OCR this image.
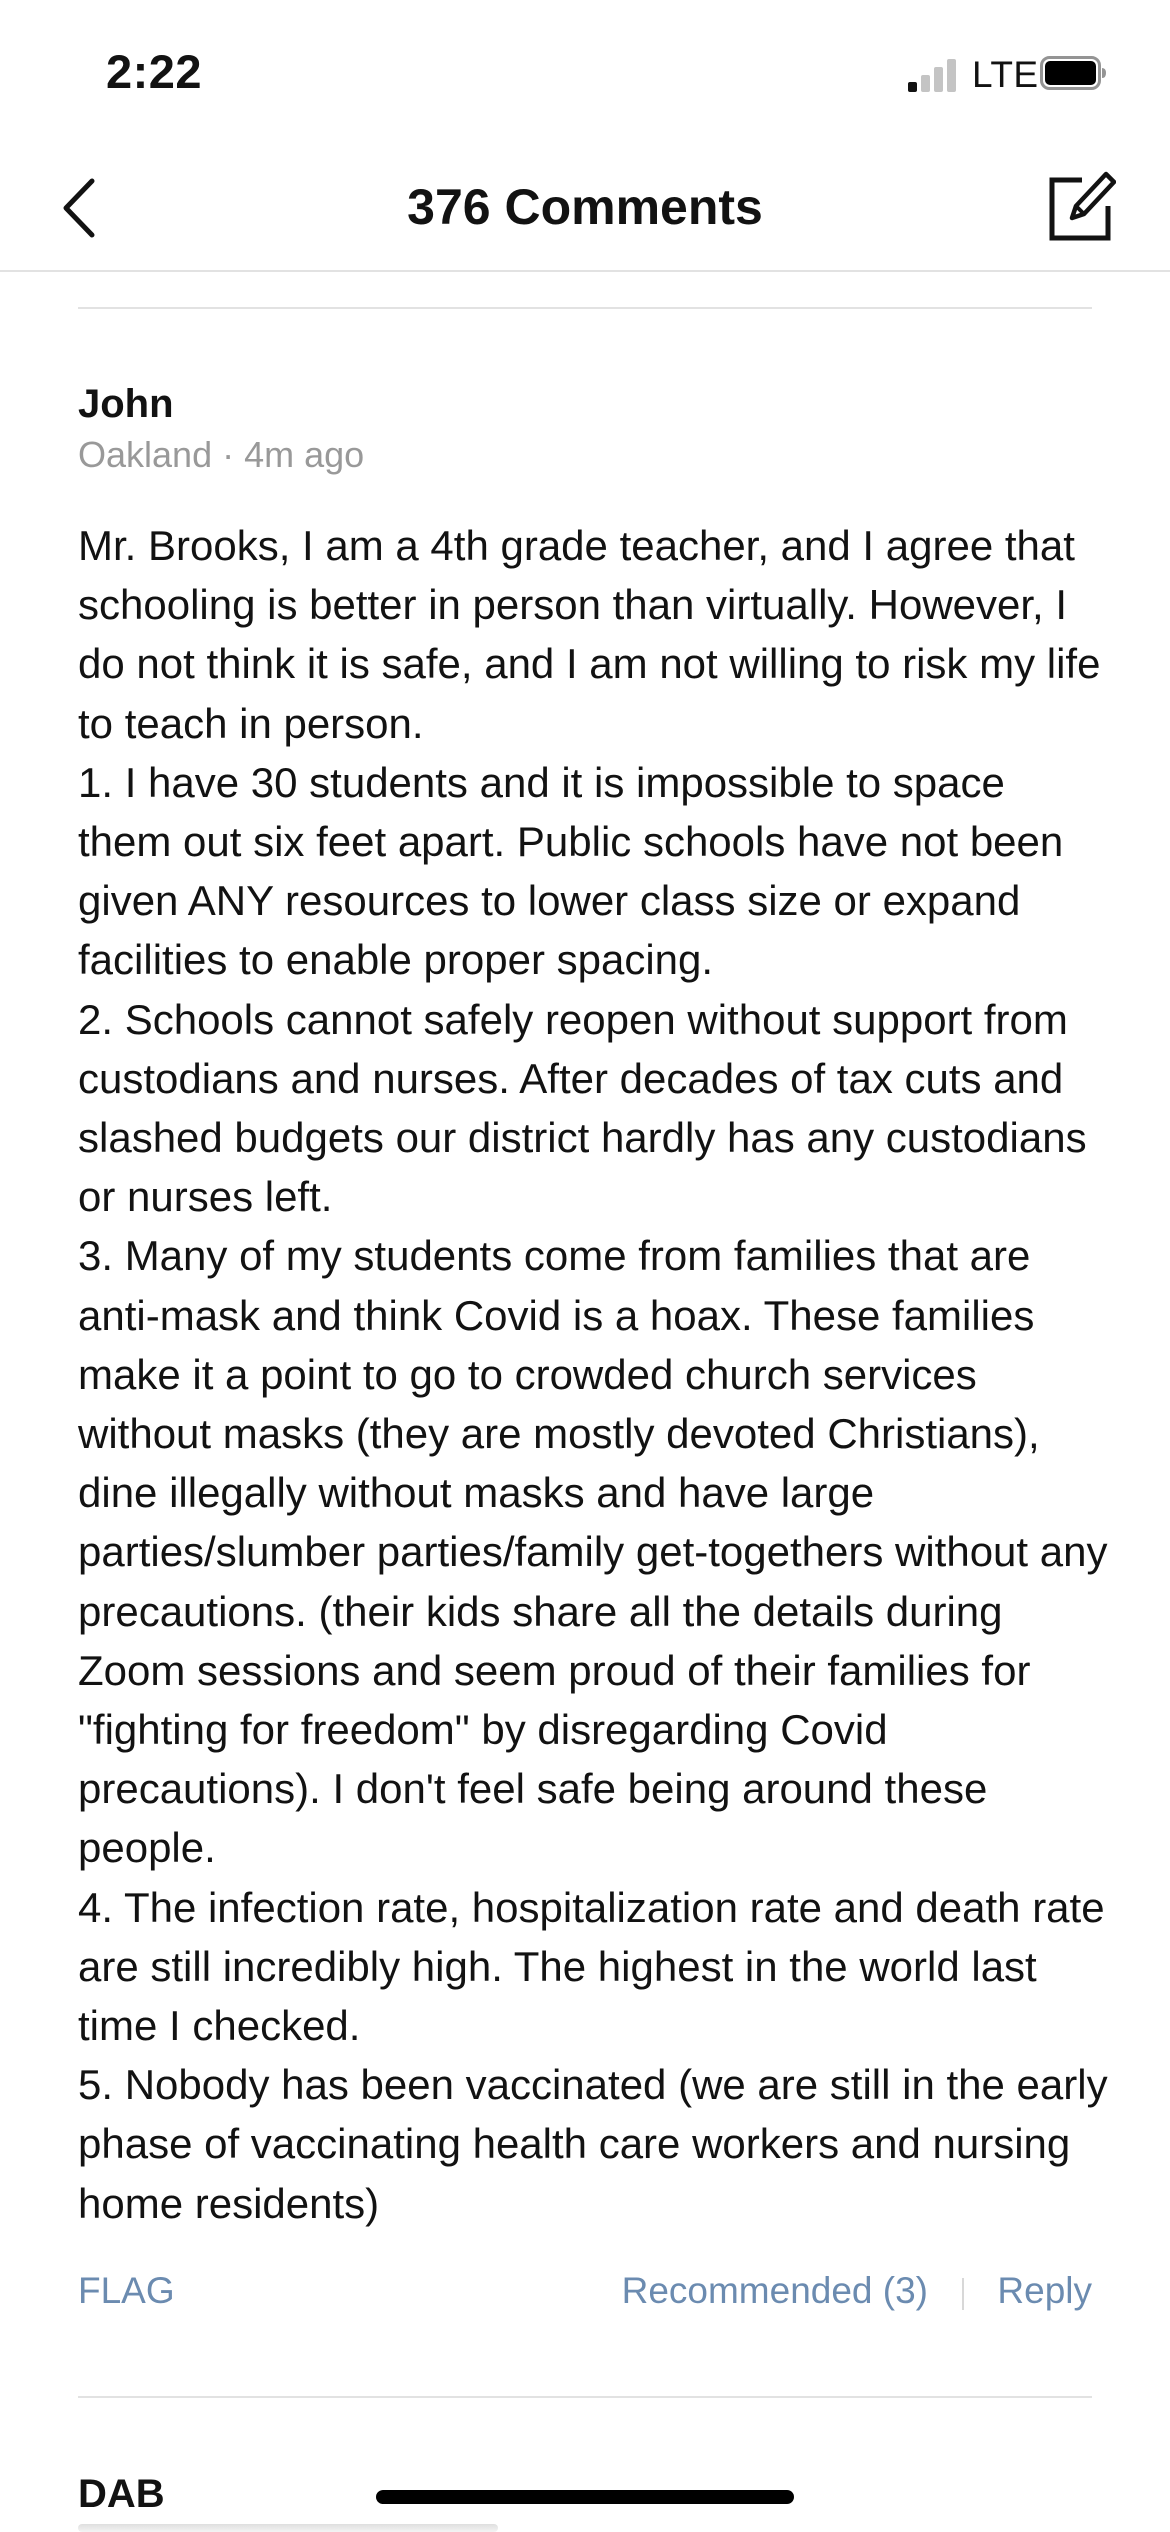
2:22	LTE
376 Comments
John
Oakland · 4m ago
Mr. Brooks, I am a 4th grade teacher, and I agree that schooling is better in person than virtually. However, I do not think it is safe, and I am not willing to risk my life to teach in person.
1. I have 30 students and it is impossible to space them out six feet apart. Public schools have not been given ANY resources to lower class size or expand facilities to enable proper spacing.
2. Schools cannot safely reopen without support from custodians and nurses. After decades of tax cuts and slashed budgets our district hardly has any custodians or nurses left.
3. Many of my students come from families that are anti-mask and think Covid is a hoax. These families make it a point to go to crowded church services without masks (they are mostly devoted Christians), dine illegally without masks and have large parties/slumber parties/family get-togethers without any precautions. (their kids share all the details during Zoom sessions and seem proud of their families for "fighting for freedom" by disregarding Covid precautions). I don't feel safe being around these people.
4. The infection rate, hospitalization rate and death rate are still incredibly high. The highest in the world last time I checked.
5. Nobody has been vaccinated (we are still in the early phase of vaccinating health care workers and nursing home residents)
FLAG	Recommended (3) Reply
DAB
